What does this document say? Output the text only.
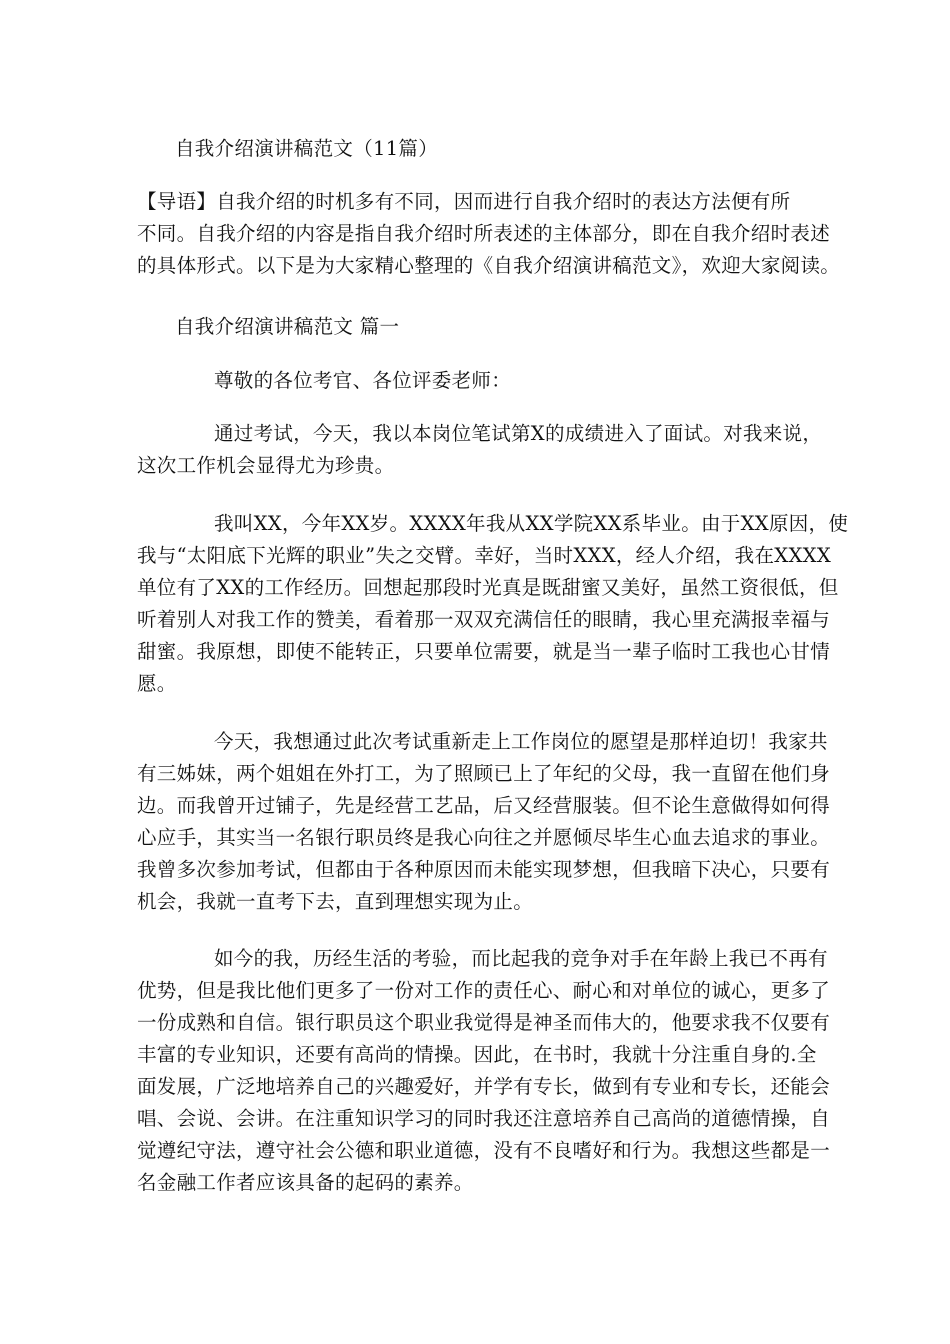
自我介绍演讲稿范文（11篇）
【导语】自我介绍的时机多有不同，因而进行自我介绍时的表达方法便有所
不同。自我介绍的内容是指自我介绍时所表述的主体部分，即在自我介绍时表述
的具体形式。以下是为大家精心整理的《自我介绍演讲稿范文》，欢迎大家阅读。
自我介绍演讲稿范文 篇一
尊敬的各位考官、各位评委老师：
通过考试，今天，我以本岗位笔试第X的成绩进入了面试。对我来说，
这次工作机会显得尤为珍贵。
我叫XX，今年XX岁。XXXX年我从XX学院XX系毕业。由于XX原因，使
我与“太阳底下光辉的职业”失之交臂。幸好，当时XXX，经人介绍，我在XXXX
单位有了XX的工作经历。回想起那段时光真是既甜蜜又美好，虽然工资很低，但
听着别人对我工作的赞美，看着那一双双充满信任的眼睛，我心里充满报幸福与
甜蜜。我原想，即使不能转正，只要单位需要，就是当一辈子临时工我也心甘情
愿。
今天，我想通过此次考试重新走上工作岗位的愿望是那样迫切！我家共
有三姊妹，两个姐姐在外打工，为了照顾已上了年纪的父母，我一直留在他们身
边。而我曾开过铺子，先是经营工艺品，后又经营服装。但不论生意做得如何得
心应手，其实当一名银行职员终是我心向往之并愿倾尽毕生心血去追求的事业。
我曾多次参加考试，但都由于各种原因而未能实现梦想，但我暗下决心，只要有
机会，我就一直考下去，直到理想实现为止。
如今的我，历经生活的考验，而比起我的竞争对手在年龄上我已不再有
优势，但是我比他们更多了一份对工作的责任心、耐心和对单位的诚心，更多了
一份成熟和自信。银行职员这个职业我觉得是神圣而伟大的，他要求我不仅要有
丰富的专业知识，还要有高尚的情操。因此，在书时，我就十分注重自身的.全
面发展，广泛地培养自己的兴趣爱好，并学有专长，做到有专业和专长，还能会
唱、会说、会讲。在注重知识学习的同时我还注意培养自己高尚的道德情操，自
觉遵纪守法，遵守社会公德和职业道德，没有不良嗜好和行为。我想这些都是一
名金融工作者应该具备的起码的素养。
